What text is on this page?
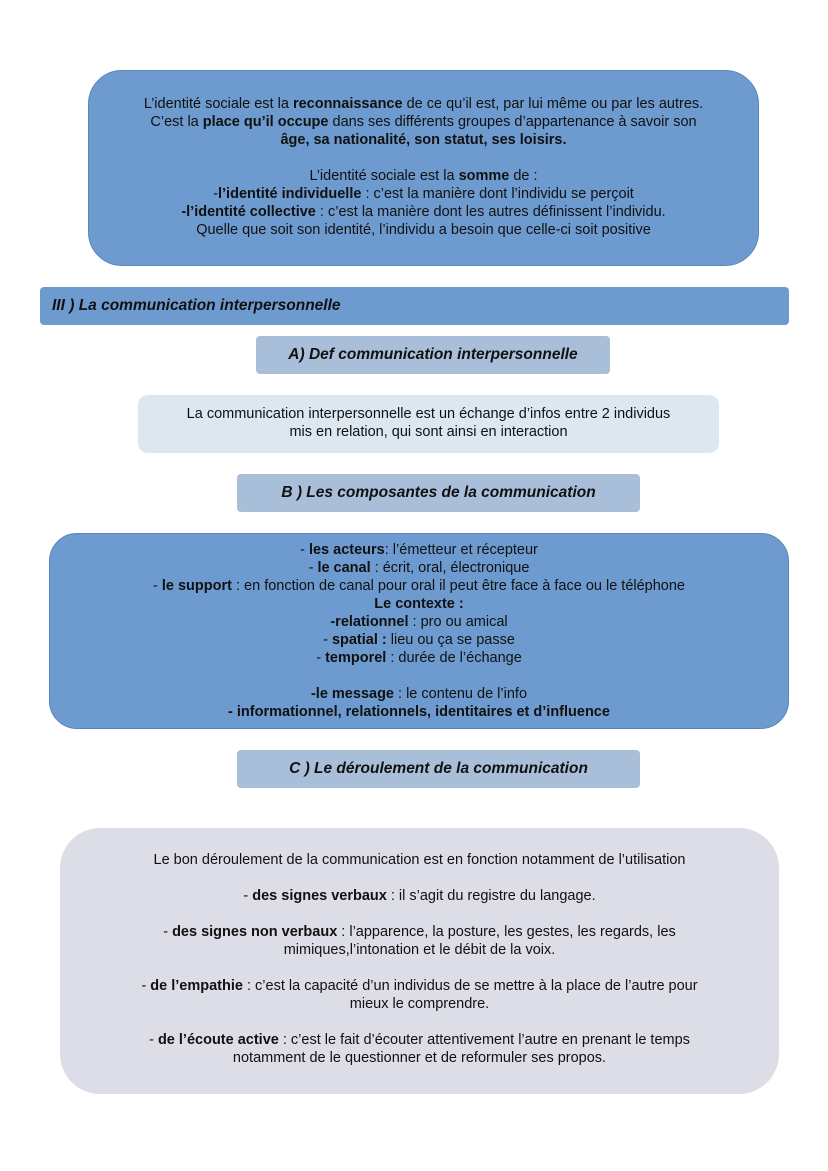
L’identité sociale est la reconnaissance de ce qu’il est, par lui même ou par les autres.
C’est la place qu’il occupe dans ses différents groupes d’appartenance à savoir son
âge, sa nationalité, son statut, ses loisirs.
L’identité sociale est la somme de :
-l’identité individuelle : c’est la manière dont l’individu se perçoit
-l’identité collective : c’est la manière dont les autres définissent l’individu.
Quelle que soit son identité, l’individu a besoin que celle-ci soit positive
III ) La communication interpersonnelle
A) Def communication interpersonnelle
La communication interpersonnelle est un échange d’infos entre 2 individus
mis en relation, qui sont ainsi en interaction
B ) Les composantes de la communication
- les acteurs: l’émetteur et récepteur
- le canal : écrit, oral, électronique
- le support : en fonction de canal pour oral il peut être face à face ou le téléphone
Le contexte :
-relationnel : pro ou amical
- spatial : lieu ou ça se passe
- temporel : durée de l’échange
-le message : le contenu de l’info
- informationnel, relationnels, identitaires et d’influence
C ) Le déroulement de la communication
Le bon déroulement de la communication est en fonction notamment de l’utilisation
- des signes verbaux : il s’agit du registre du langage.
- des signes non verbaux : l’apparence, la posture, les gestes, les regards, les
mimiques,l’intonation et le débit de la voix.
- de l’empathie : c’est la capacité d’un individus de se mettre à la place de l’autre pour
mieux le comprendre.
- de l’écoute active : c’est le fait d’écouter attentivement l’autre en prenant le temps
notamment de le questionner et de reformuler ses propos.
